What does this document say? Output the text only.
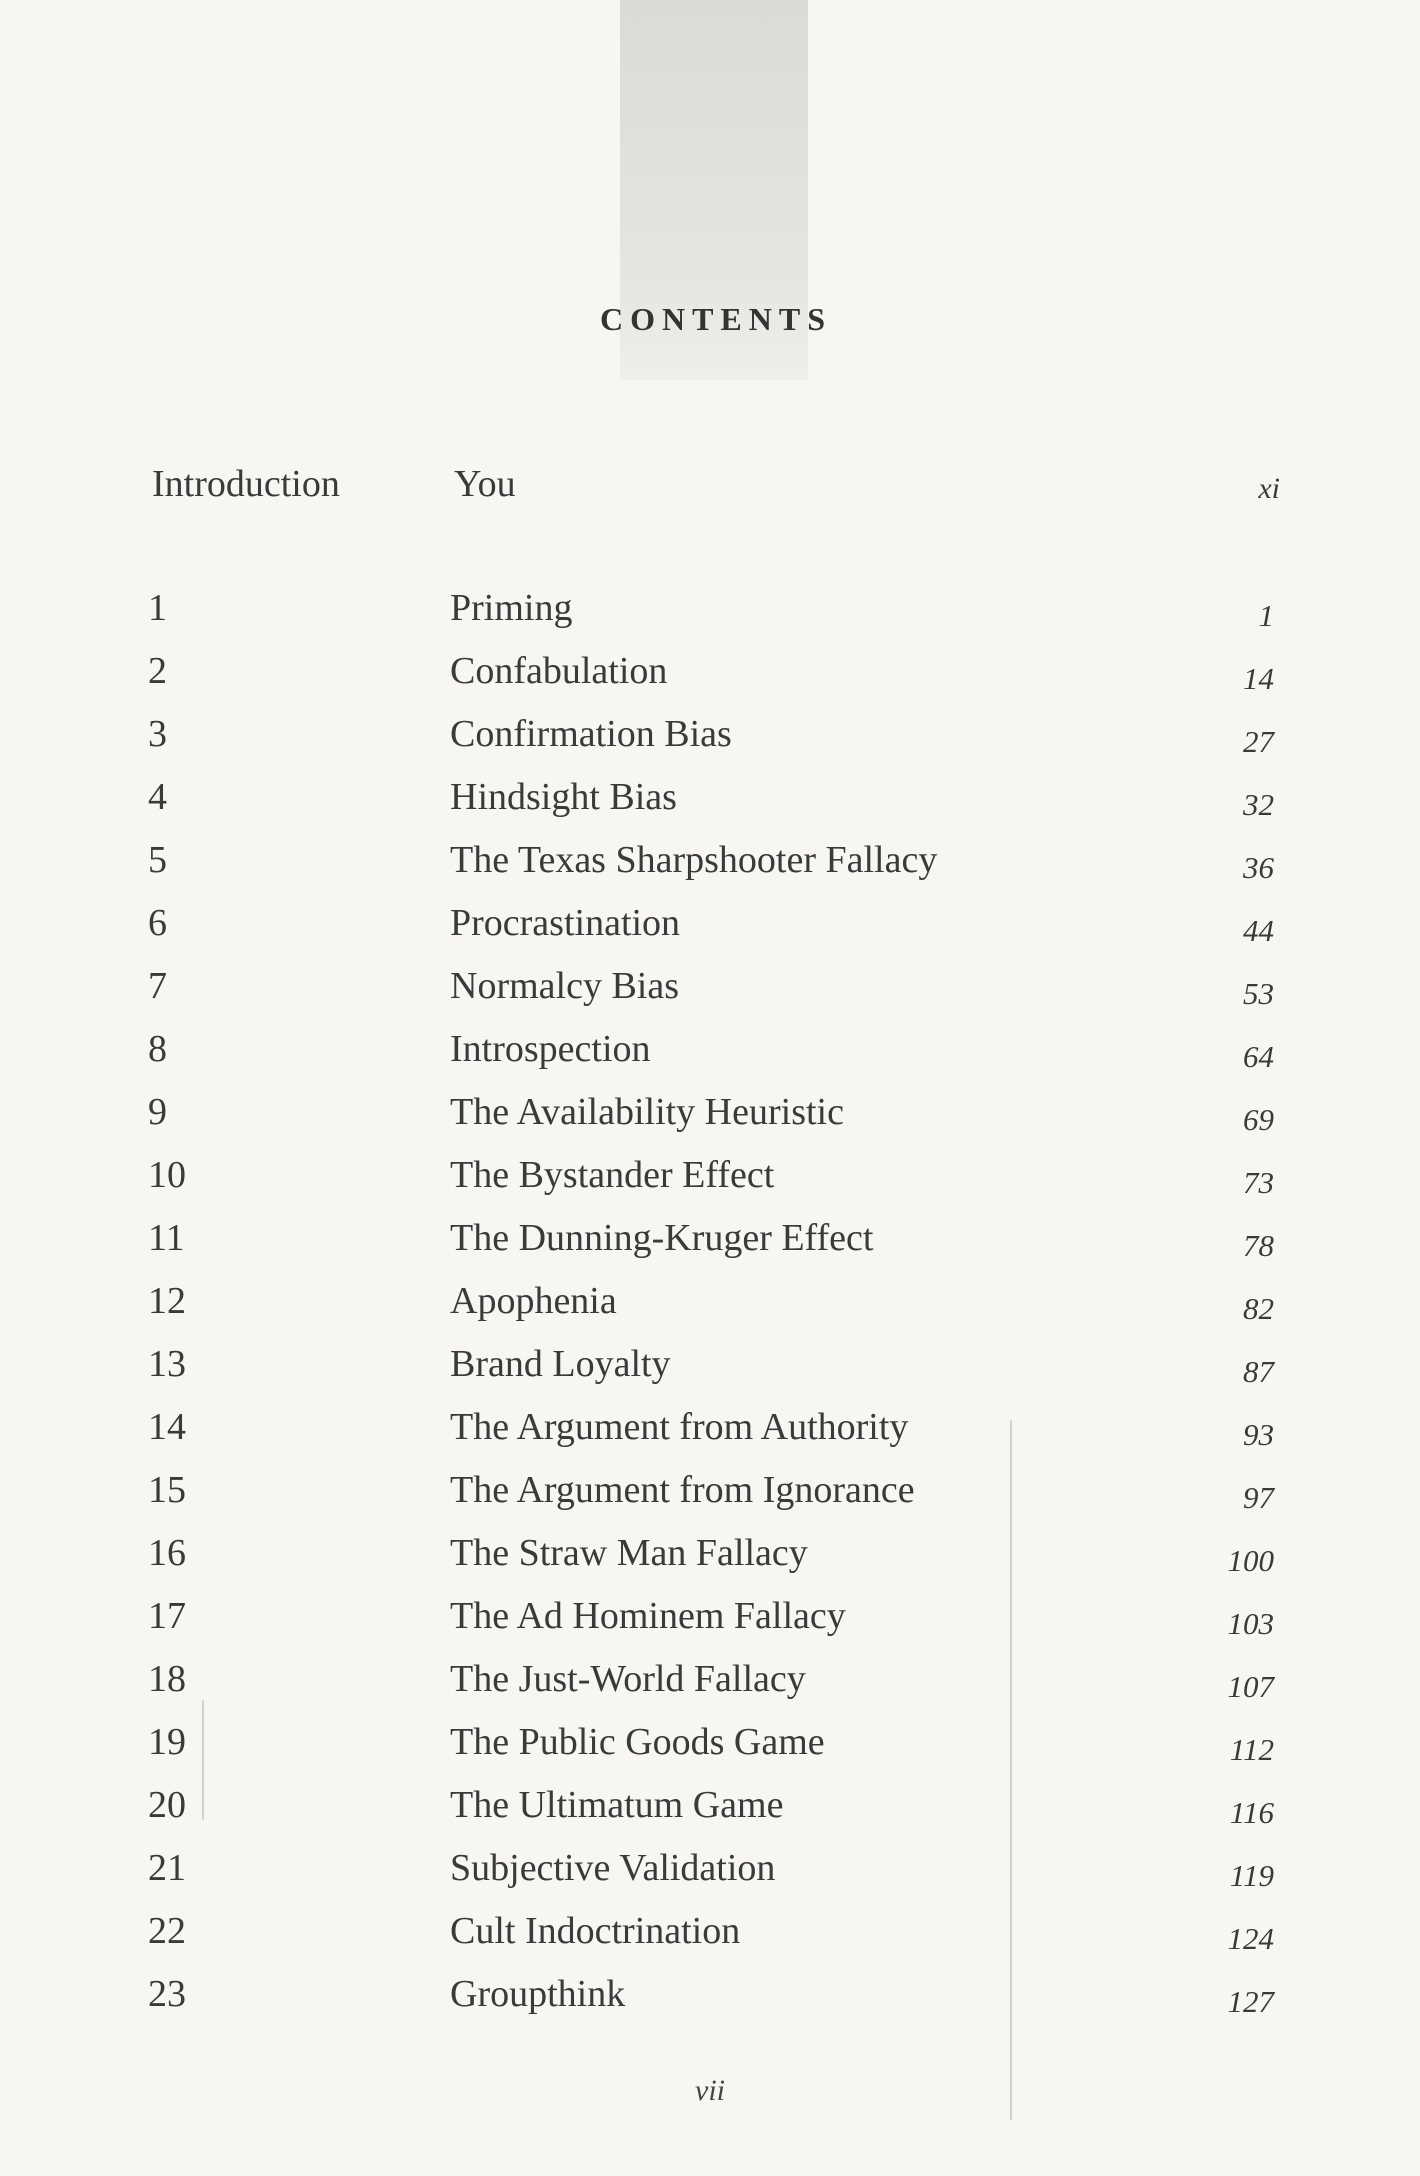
CONTENTS
Introduction	You	xi
1	Priming	1
2	Confabulation	14
3	Confirmation Bias	27
4	Hindsight Bias	32
5	The Texas Sharpshooter Fallacy	36
6	Procrastination	44
7	Normalcy Bias	53
8	Introspection	64
9	The Availability Heuristic	69
10	The Bystander Effect	73
11	The Dunning-Kruger Effect	78
12	Apophenia	82
13	Brand Loyalty	87
14	The Argument from Authority	93
15	The Argument from Ignorance	97
16	The Straw Man Fallacy	100
17	The Ad Hominem Fallacy	103
18	The Just-World Fallacy	107
19	The Public Goods Game	112
20	The Ultimatum Game	116
21	Subjective Validation	119
22	Cult Indoctrination	124
23	Groupthink	127
vii
